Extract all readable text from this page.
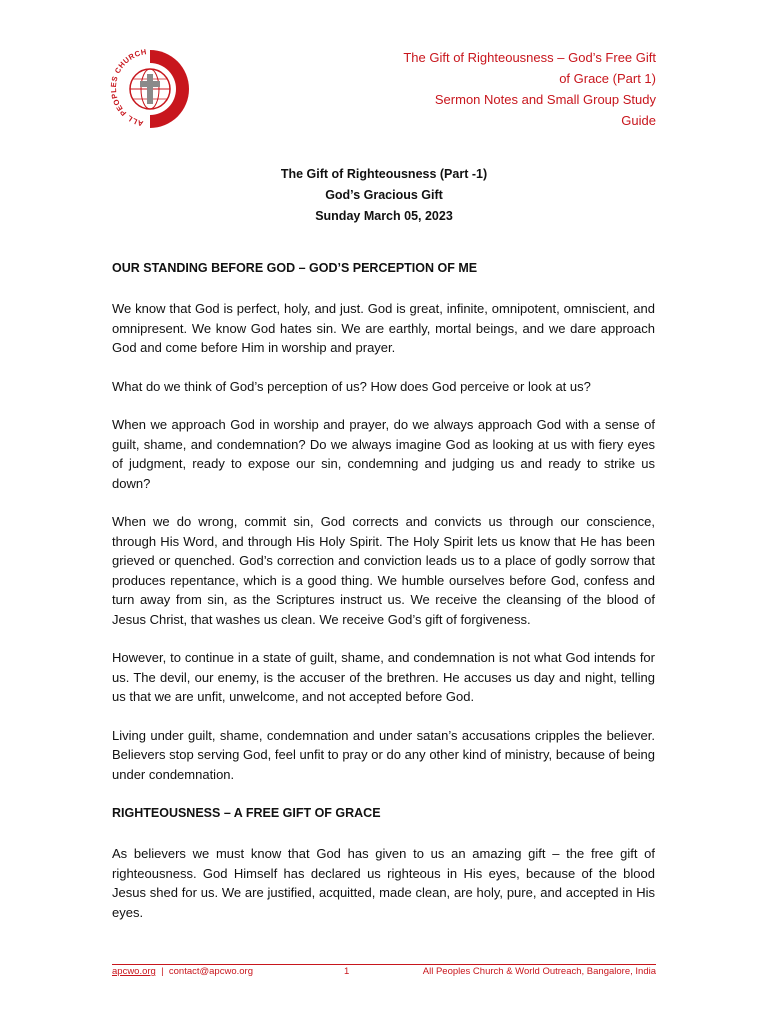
ALL PEOP S CHURCH	The Gift of Righteousness – God’s Free Gift
of Grace (Part 1)
Sermon Notes and Small Group Study
Guide
The Gift of Righteousness (Part -1)
God’s Gracious Gift
Sunday March 05, 2023
OUR STANDING BEFORE GOD – GOD’S PERCEPTION OF ME

We know that God is perfect, holy, and just. God is great, infinite, omnipotent, omniscient, and omnipresent. We know God hates sin. We are earthly, mortal beings, and we dare approach God and come before Him in worship and prayer.

What do we think of God’s perception of us? How does God perceive or look at us?

When we approach God in worship and prayer, do we always approach God with a sense of guilt, shame, and condemnation? Do we always imagine God as looking at us with fiery eyes of judgment, ready to expose our sin, condemning and judging us and ready to strike us down?

When we do wrong, commit sin, God corrects and convicts us through our conscience, through His Word, and through His Holy Spirit. The Holy Spirit lets us know that He has been grieved or quenched. God’s correction and conviction leads us to a place of godly sorrow that produces repentance, which is a good thing. We humble ourselves before God, confess and turn away from sin, as the Scriptures instruct us. We receive the cleansing of the blood of Jesus Christ, that washes us clean. We receive God’s gift of forgiveness.

However, to continue in a state of guilt, shame, and condemnation is not what God intends for us. The devil, our enemy, is the accuser of the brethren. He accuses us day and night, telling us that we are unfit, unwelcome, and not accepted before God.

Living under guilt, shame, condemnation and under satan’s accusations cripples the believer. Believers stop serving God, feel unfit to pray or do any other kind of ministry, because of being under condemnation.

RIGHTEOUSNESS – A FREE GIFT OF GRACE

As believers we must know that God has given to us an amazing gift – the free gift of righteousness. God Himself has declared us righteous in His eyes, because of the blood Jesus shed for us. We are justified, acquitted, made clean, are holy, pure, and accepted in His eyes.

apcwo.org | contact@apcwo.org	1	All Peoples Church & World Outreach, Bangalore, India
